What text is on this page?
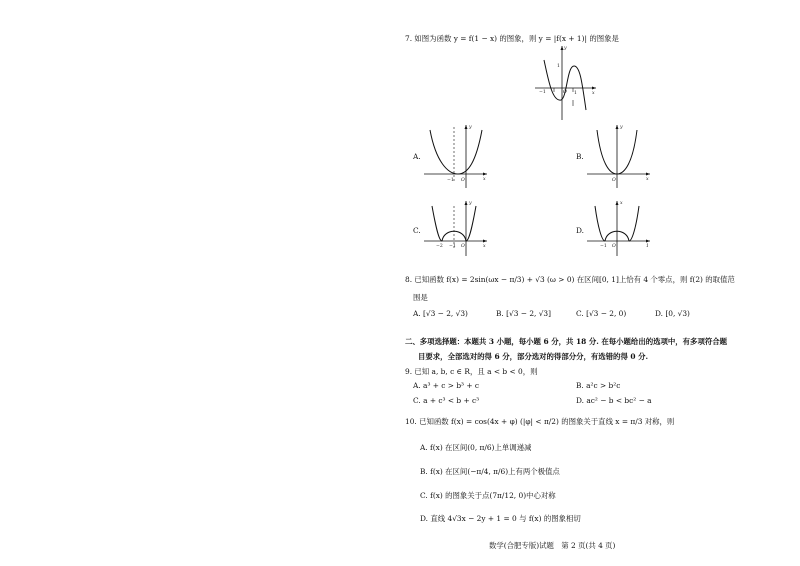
7. 如图为函数 y = f(1 − x) 的图象，则 y = |f(x + 1)| 的图象是
y
x
1
−1	O 1
A.
y
x
−1 O
B.
y
x
O
C.
y
x
−2 −1 O
D.
x
1
−1 O
8. 已知函数 f(x) = 2sin(ωx − π/3) + √3 (ω > 0) 在区间[0, 1]上恰有 4 个零点，则 f(2) 的取值范
围是
A. [√3 − 2, √3)	B. [√3 − 2, √3]	C. [√3 − 2, 0)	D. [0, √3)
二、多项选择题：本题共 3 小题，每小题 6 分，共 18 分. 在每小题给出的选项中，有多项符合题
目要求，全部选对的得 6 分，部分选对的得部分分，有选错的得 0 分.
9. 已知 a, b, c ∈ R，且 a < b < 0，则
A. a³ + c > b³ + c	B. a²c > b²c
C. a + c³ < b + c³	D. ac² − b < bc² − a
10. 已知函数 f(x) = cos(4x + φ) (|φ| < π/2) 的图象关于直线 x = π/3 对称，则
A. f(x) 在区间(0, π/6)上单调递减
B. f(x) 在区间(−π/4, π/6)上有两个极值点
C. f(x) 的图象关于点(7π/12, 0)中心对称
D. 直线 4√3x − 2y + 1 = 0 与 f(x) 的图象相切
数学(合肥专版)试题　第 2 页(共 4 页)
